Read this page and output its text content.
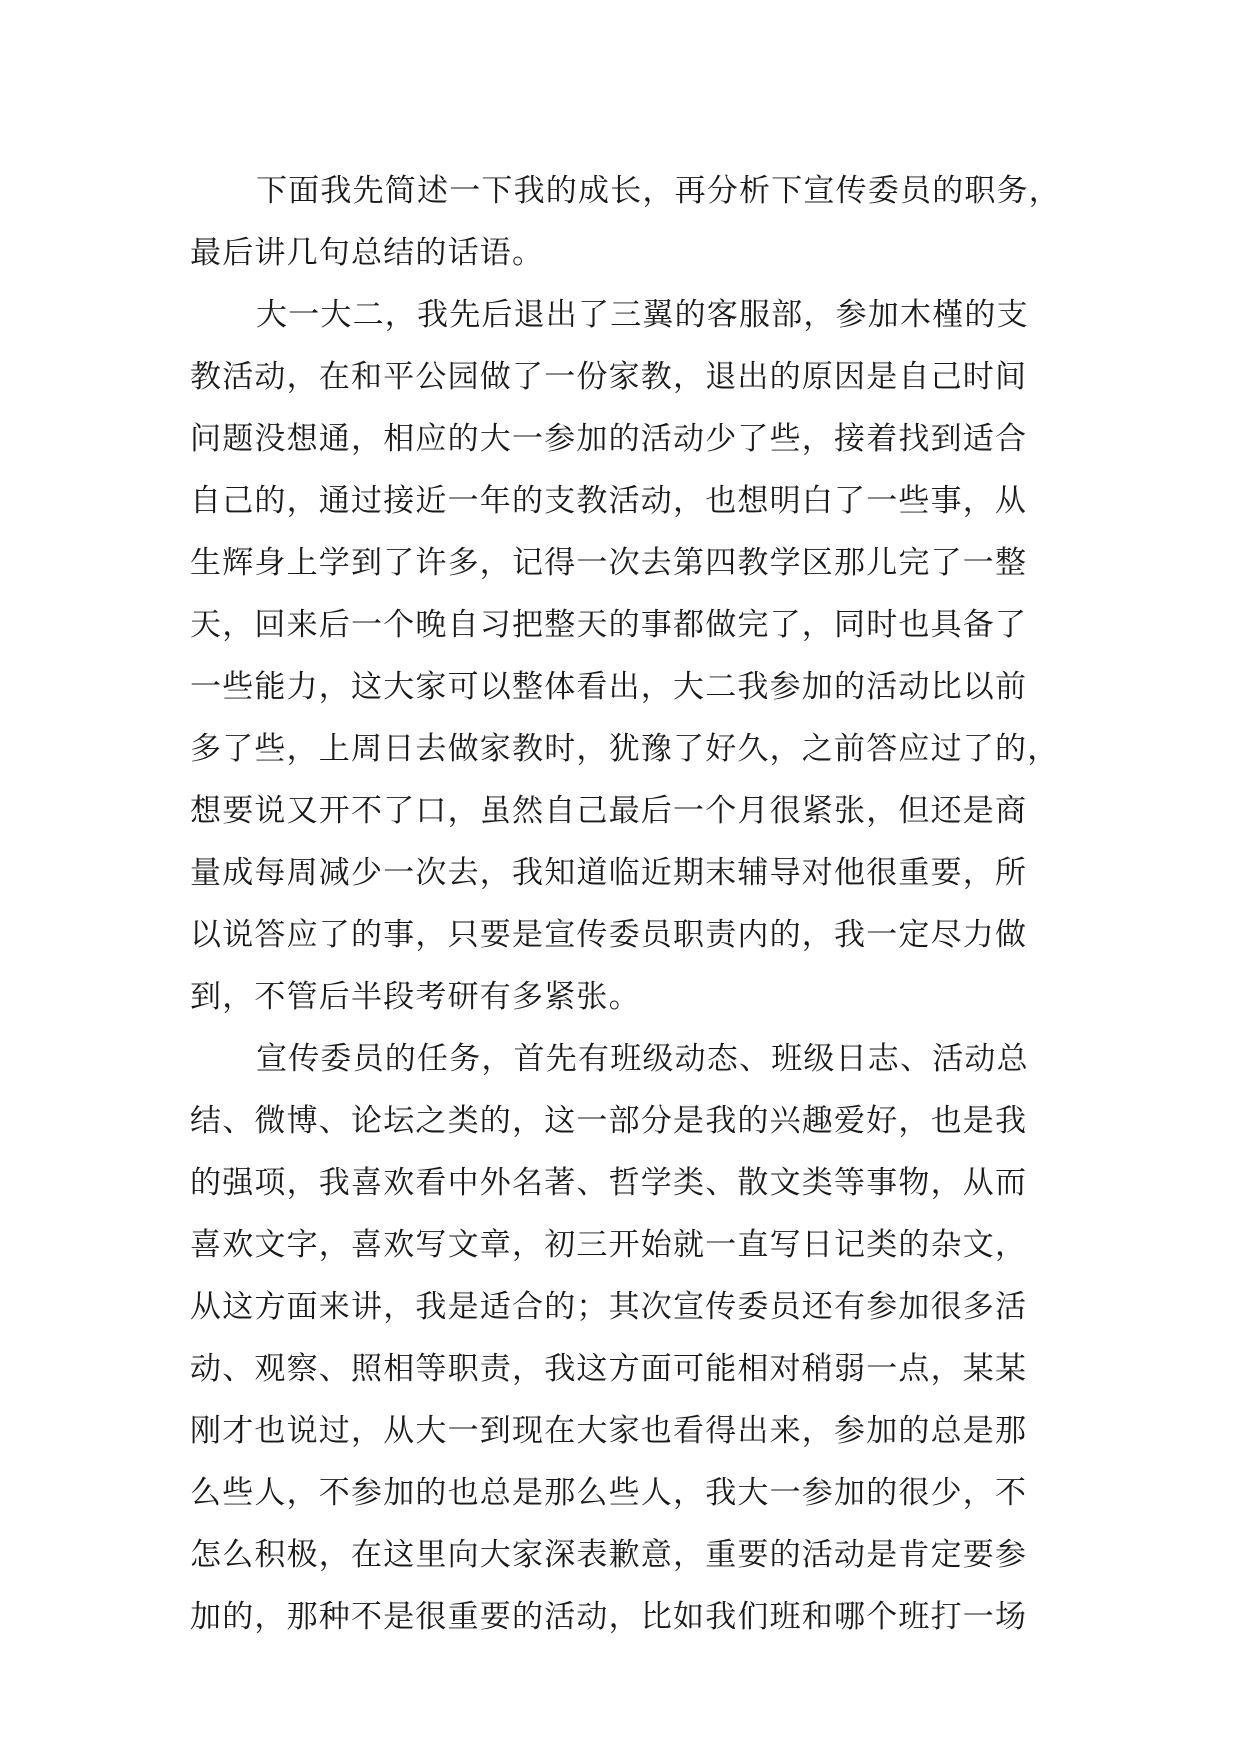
下面我先简述一下我的成长，再分析下宣传委员的职务，
最后讲几句总结的话语。
大一大二，我先后退出了三翼的客服部，参加木槿的支
教活动，在和平公园做了一份家教，退出的原因是自己时间
问题没想通，相应的大一参加的活动少了些，接着找到适合
自己的，通过接近一年的支教活动，也想明白了一些事，从
生辉身上学到了许多，记得一次去第四教学区那儿完了一整
天，回来后一个晚自习把整天的事都做完了，同时也具备了
一些能力，这大家可以整体看出，大二我参加的活动比以前
多了些，上周日去做家教时，犹豫了好久，之前答应过了的，
想要说又开不了口，虽然自己最后一个月很紧张，但还是商
量成每周减少一次去，我知道临近期末辅导对他很重要，所
以说答应了的事，只要是宣传委员职责内的，我一定尽力做
到，不管后半段考研有多紧张。
宣传委员的任务，首先有班级动态、班级日志、活动总
结、微博、论坛之类的，这一部分是我的兴趣爱好，也是我
的强项，我喜欢看中外名著、哲学类、散文类等事物，从而
喜欢文字，喜欢写文章，初三开始就一直写日记类的杂文，
从这方面来讲，我是适合的；其次宣传委员还有参加很多活
动、观察、照相等职责，我这方面可能相对稍弱一点，某某
刚才也说过，从大一到现在大家也看得出来，参加的总是那
么些人，不参加的也总是那么些人，我大一参加的很少，不
怎么积极，在这里向大家深表歉意，重要的活动是肯定要参
加的，那种不是很重要的活动，比如我们班和哪个班打一场
